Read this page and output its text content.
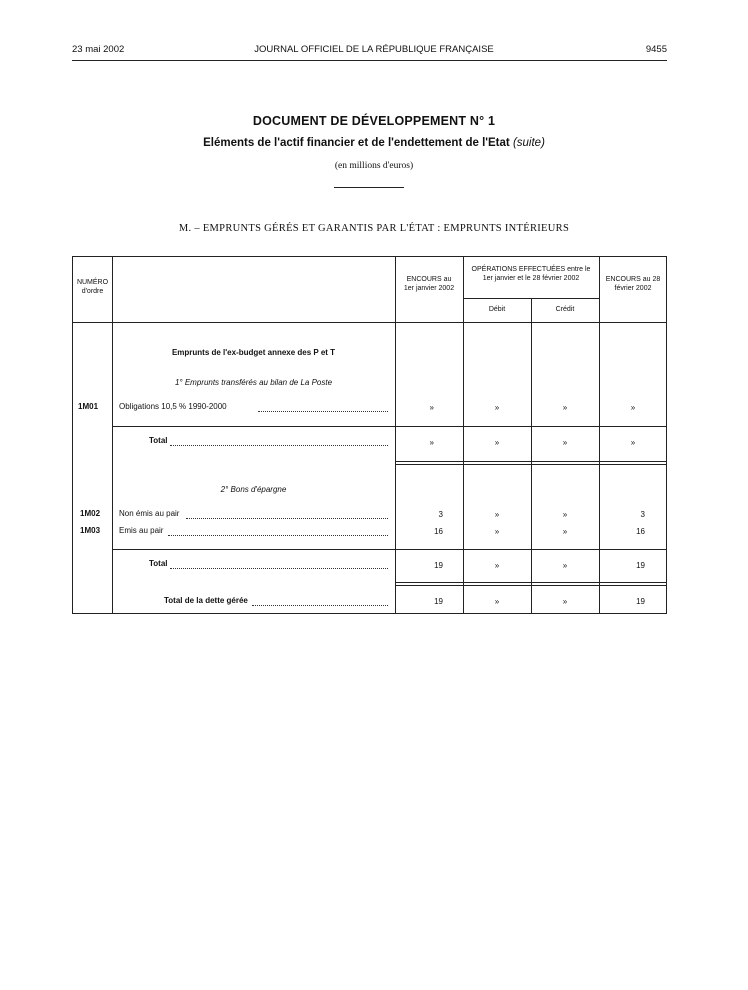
23 mai 2002	JOURNAL OFFICIEL DE LA RÉPUBLIQUE FRANÇAISE	9455
DOCUMENT DE DÉVELOPPEMENT N° 1
Eléments de l'actif financier et de l'endettement de l'Etat (suite)
(en millions d'euros)
M. – EMPRUNTS GÉRÉS ET GARANTIS PAR L'ÉTAT : EMPRUNTS INTÉRIEURS
NUMÉRO d'ordre
ENCOURS au 1er janvier 2002
OPÉRATIONS EFFECTUÉES entre le 1er janvier et le 28 février 2002
Débit	Crédit
ENCOURS au 28 février 2002
Emprunts de l'ex-budget annexe des P et T
1° Emprunts transférés au bilan de La Poste
1M01	Obligations 10,5 % 1990-2000	»	»	»	»
Total	»	»	»	»
2° Bons d'épargne
1M02 Non émis au pair	3	»	»	3
1M03 Emis au pair	16	»	»	16
Total	19	»	»	19
Total de la dette gérée	19	»	»	19
